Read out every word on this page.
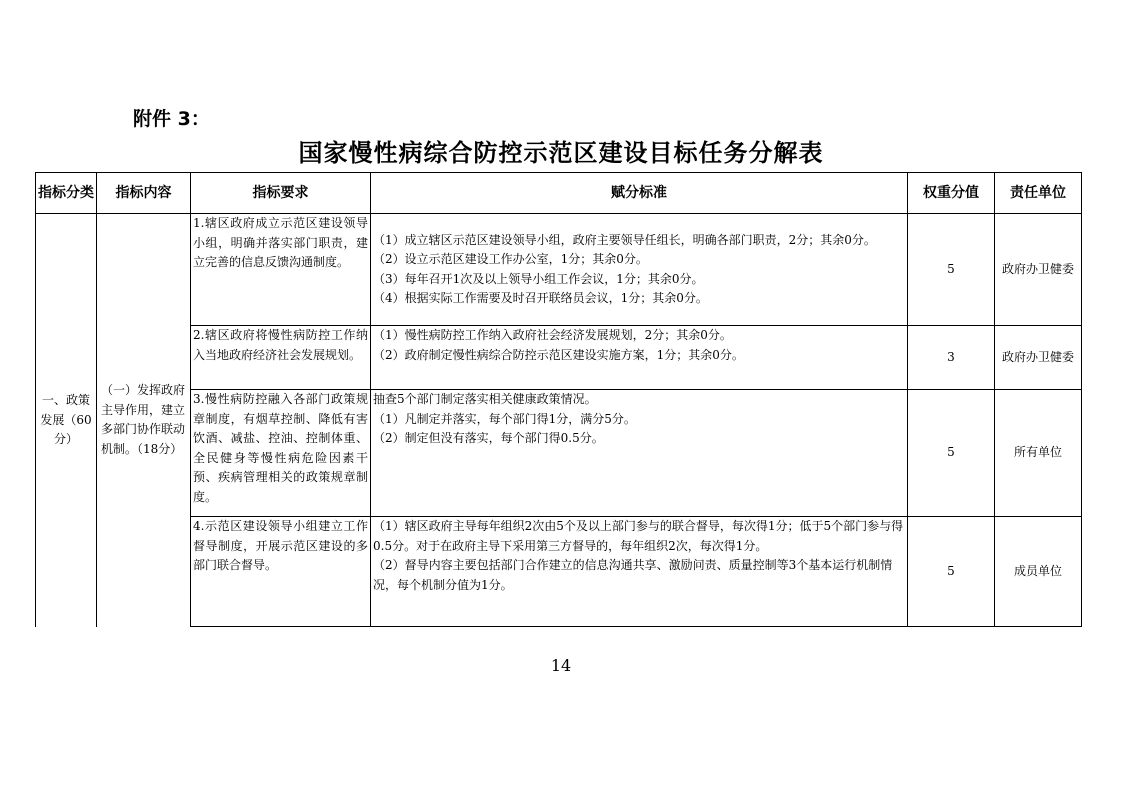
附件 3：
国家慢性病综合防控示范区建设目标任务分解表
指标分类	指标内容	指标要求	赋分标准	权重分值	责任单位
一、政策发展（60分）	（一）发挥政府主导作用，建立多部门协作联动机制。（18分）	1.辖区政府成立示范区建设领导小组，明确并落实部门职责，建立完善的信息反馈沟通制度。	（1）成立辖区示范区建设领导小组，政府主要领导任组长，明确各部门职责，2分；其余0分。
（2）设立示范区建设工作办公室，1分；其余0分。
（3）每年召开1次及以上领导小组工作会议，1分；其余0分。
（4）根据实际工作需要及时召开联络员会议，1分；其余0分。	5	政府办卫健委

		2.辖区政府将慢性病防控工作纳入当地政府经济社会发展规划。	（1）慢性病防控工作纳入政府社会经济发展规划，2分；其余0分。
（2）政府制定慢性病综合防控示范区建设实施方案，1分；其余0分。	3	政府办卫健委

		3.慢性病防控融入各部门政策规章制度，有烟草控制、降低有害饮酒、减盐、控油、控制体重、全民健身等慢性病危险因素干预、疾病管理相关的政策规章制度。	抽查5个部门制定落实相关健康政策情况。
（1）凡制定并落实，每个部门得1分，满分5分。
（2）制定但没有落实，每个部门得0.5分。	5	所有单位

		4.示范区建设领导小组建立工作督导制度，开展示范区建设的多部门联合督导。	（1）辖区政府主导每年组织2次由5个及以上部门参与的联合督导，每次得1分；低于5个部门参与得0.5分。对于在政府主导下采用第三方督导的，每年组织2次，每次得1分。
（2）督导内容主要包括部门合作建立的信息沟通共享、激励问责、质量控制等3个基本运行机制情况，每个机制分值为1分。	5	成员单位
14
